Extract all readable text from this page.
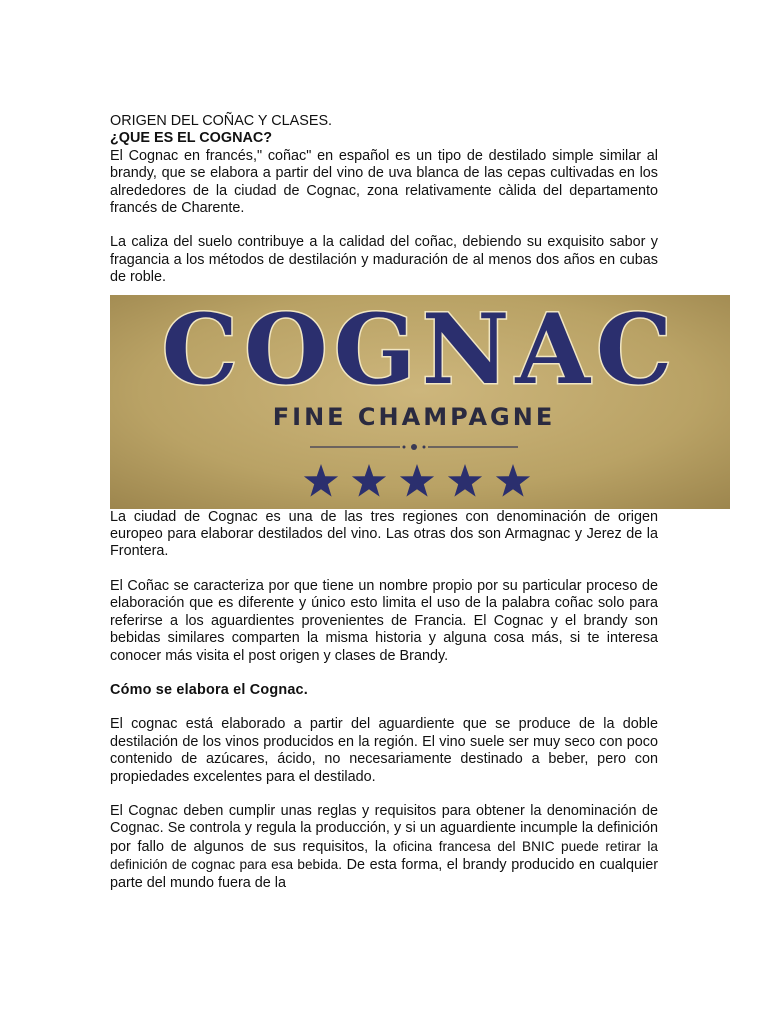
ORIGEN DEL COÑAC Y CLASES.

¿QUE ES EL COGNAC?

El Cognac en francés," coñac" en español es un tipo de destilado simple similar al brandy, que se elabora a partir del vino de uva blanca de las cepas cultivadas en los alrededores de la ciudad de Cognac, zona relativamente càlida del departamento francés de Charente.

La caliza del suelo contribuye a la calidad del coñac, debiendo su exquisito sabor y fragancia a los métodos de destilación y maduración de al menos dos años en cubas de roble.

COGNAC
FINE CHAMPAGNE

La ciudad de Cognac es una de las tres regiones con denominación de origen europeo para elaborar destilados del vino. Las otras dos son Armagnac y Jerez de la Frontera.

El Coñac se caracteriza por que tiene un nombre propio por su particular proceso de elaboración que es diferente y único esto limita el uso de la palabra coñac solo para referirse a los aguardientes provenientes de Francia. El Cognac y el brandy son bebidas similares comparten la misma historia y alguna cosa más, si te interesa conocer más visita el post origen y clases de Brandy.

Cómo se elabora el Cognac.

El cognac está elaborado a partir del aguardiente que se produce de la doble destilación de los vinos producidos en la región. El vino suele ser muy seco con poco contenido de azúcares, ácido, no necesariamente destinado a beber, pero con propiedades excelentes para el destilado.

El Cognac deben cumplir unas reglas y requisitos para obtener la denominación de Cognac. Se controla y regula la producción, y si un aguardiente incumple la definición por fallo de algunos de sus requisitos, la oficina francesa del BNIC puede retirar la definición de cognac para esa bebida. De esta forma, el brandy producido en cualquier parte del mundo fuera de la
